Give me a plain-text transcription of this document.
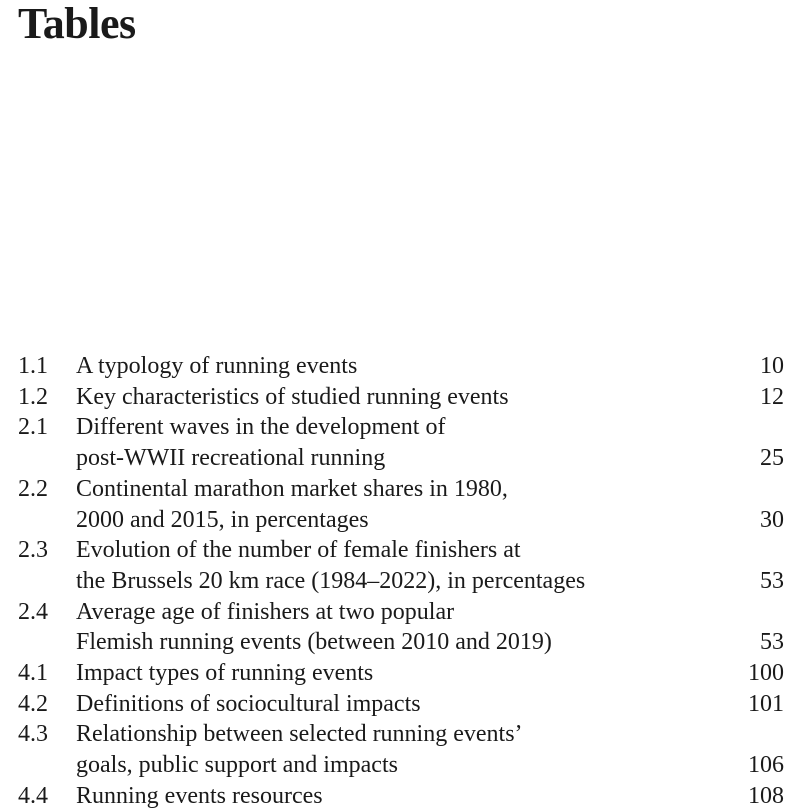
Tables
1.1	A typology of running events	10
1.2	Key characteristics of studied running events	12
2.1	Different waves in the development of
post-WWII recreational running	25
2.2	Continental marathon market shares in 1980,
2000 and 2015, in percentages	30
2.3	Evolution of the number of female finishers at
the Brussels 20 km race (1984–2022), in percentages	53
2.4	Average age of finishers at two popular
Flemish running events (between 2010 and 2019)	53
4.1	Impact types of running events	100
4.2	Definitions of sociocultural impacts	101
4.3	Relationship between selected running events’
goals, public support and impacts	106
4.4	Running events resources	108
